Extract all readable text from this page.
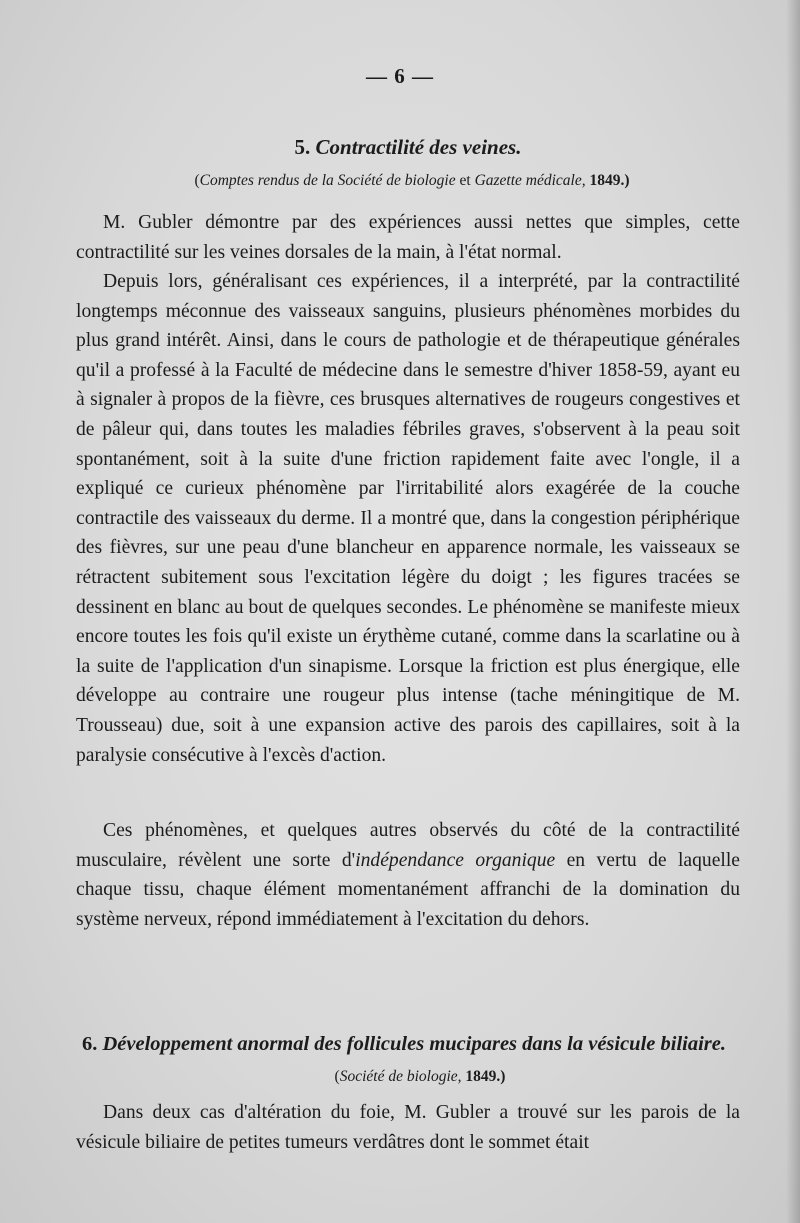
— 6 —
5. Contractilité des veines.
(Comptes rendus de la Société de biologie et Gazette médicale, 1849.)

M. Gubler démontre par des expériences aussi nettes que simples, cette contractilité sur les veines dorsales de la main, à l'état normal.

Depuis lors, généralisant ces expériences, il a interprété, par la contractilité longtemps méconnue des vaisseaux sanguins, plusieurs phénomènes morbides du plus grand intérêt. Ainsi, dans le cours de pathologie et de thérapeutique générales qu'il a professé à la Faculté de médecine dans le semestre d'hiver 1858-59, ayant eu à signaler à propos de la fièvre, ces brusques alternatives de rougeurs congestives et de pâleur qui, dans toutes les maladies fébriles graves, s'observent à la peau soit spontanément, soit à la suite d'une friction rapidement faite avec l'ongle, il a expliqué ce curieux phénomène par l'irritabilité alors exagérée de la couche contractile des vaisseaux du derme. Il a montré que, dans la congestion périphérique des fièvres, sur une peau d'une blancheur en apparence normale, les vaisseaux se rétractent subitement sous l'excitation légère du doigt ; les figures tracées se dessinent en blanc au bout de quelques secondes. Le phénomène se manifeste mieux encore toutes les fois qu'il existe un érythème cutané, comme dans la scarlatine ou à la suite de l'application d'un sinapisme. Lorsque la friction est plus énergique, elle développe au contraire une rougeur plus intense (tache méningitique de M. Trousseau) due, soit à une expansion active des parois des capillaires, soit à la paralysie consécutive à l'excès d'action.

Ces phénomènes, et quelques autres observés du côté de la contractilité musculaire, révèlent une sorte d'indépendance organique en vertu de laquelle chaque tissu, chaque élément momentanément affranchi de la domination du système nerveux, répond immédiatement à l'excitation du dehors.

6. Développement anormal des follicules mucipares dans la vésicule biliaire.
(Société de biologie, 1849.)

Dans deux cas d'altération du foie, M. Gubler a trouvé sur les parois de la vésicule biliaire de petites tumeurs verdâtres dont le sommet était
